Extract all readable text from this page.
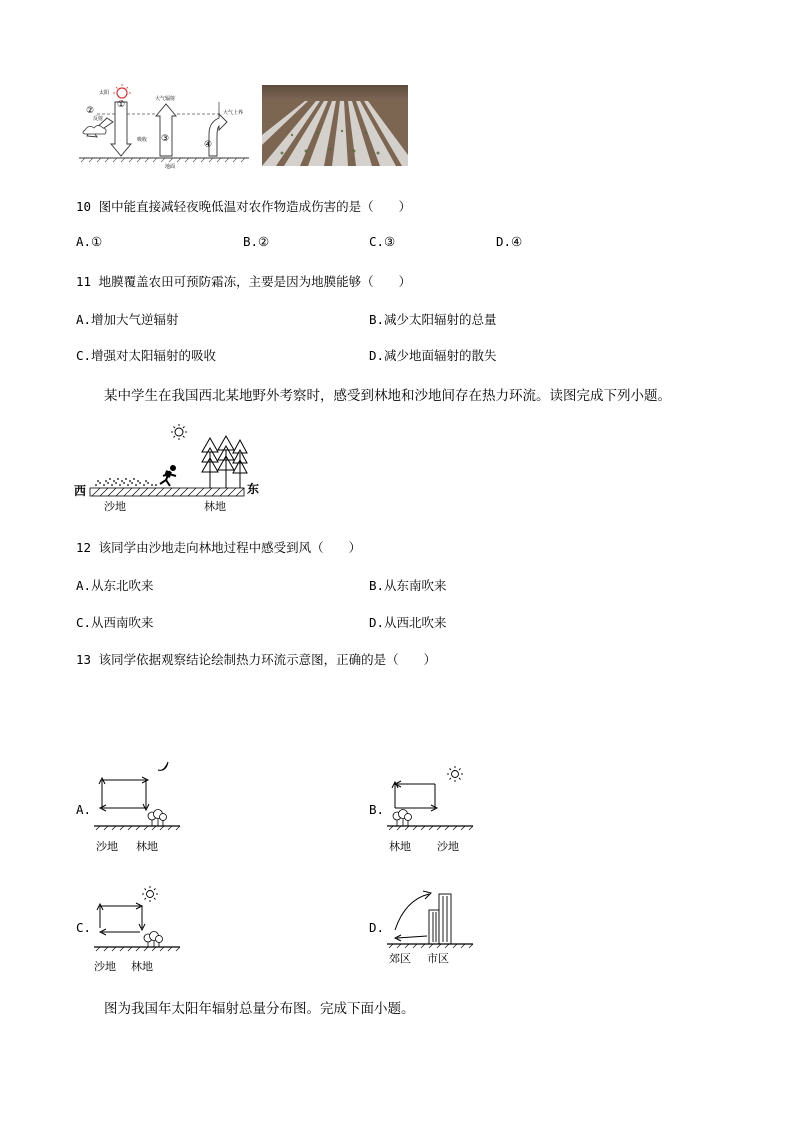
太阳
①
②
③
④
大气辐射
大气上界
反射
吸收
地面
10 图中能直接减轻夜晚低温对农作物造成伤害的是（　　）
A.①	B.②	C.③	D.④
11 地膜覆盖农田可预防霜冻，主要是因为地膜能够（　　）
A.增加大气逆辐射	B.减少太阳辐射的总量
C.增强对太阳辐射的吸收	D.减少地面辐射的散失
某中学生在我国西北某地野外考察时，感受到林地和沙地间存在热力环流。读图完成下列小题。
西	东
沙地	林地
12 该同学由沙地走向林地过程中感受到风（　　）
A.从东北吹来	B.从东南吹来
C.从西南吹来	D.从西北吹来
13 该同学依据观察结论绘制热力环流示意图，正确的是（　　）
A.
沙地 林地
B.
林地 沙地
C.
沙地 林地
D.
郊区 市区
图为我国年太阳年辐射总量分布图。完成下面小题。
